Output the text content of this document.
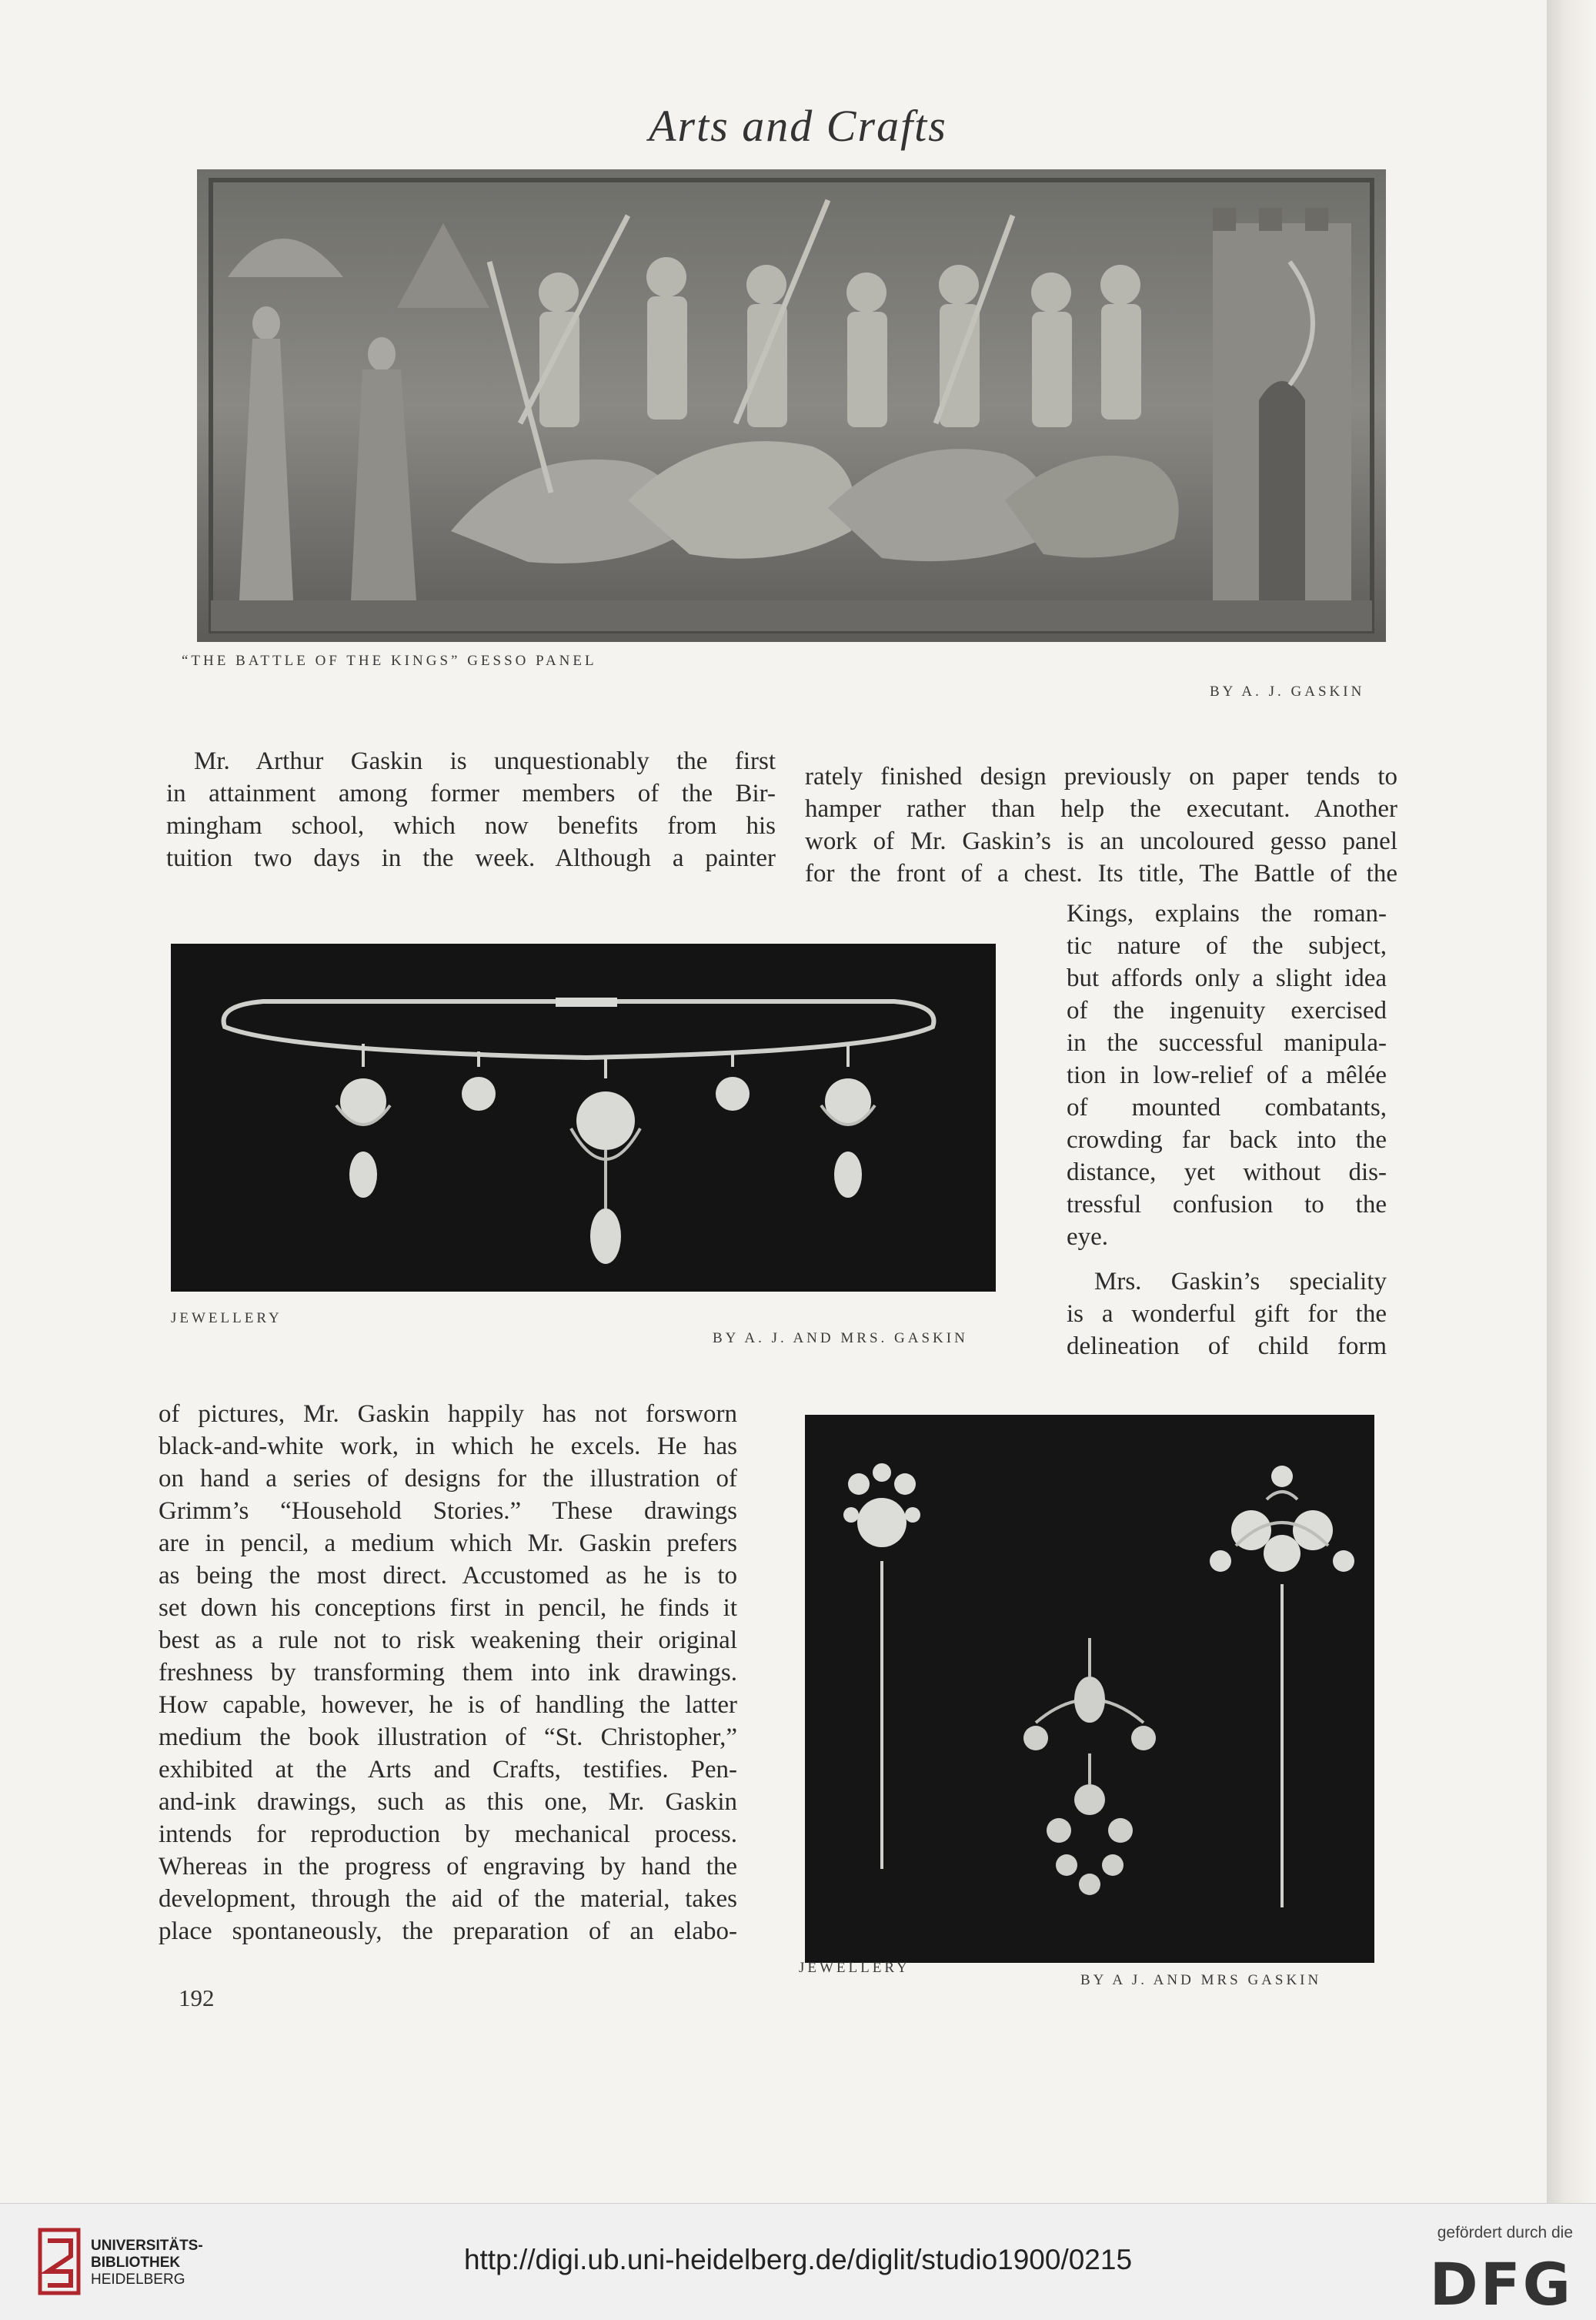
Arts and Crafts
“THE BATTLE OF THE KINGS” GESSO PANEL
BY A. J. GASKIN

Mr. Arthur Gaskin is unquestionably the first

in attainment among former members of the Bir-

mingham school, which now benefits from his

tuition two days in the week. Although a painter

rately finished design previously on paper tends to

hamper rather than help the executant. Another

work of Mr. Gaskin’s is an uncoloured gesso panel

for the front of a chest. Its title, The Battle of the

JEWELLERY
BY A. J. AND MRS. GASKIN

Kings, explains the roman-

tic nature of the subject,

but affords only a slight idea

of the ingenuity exercised

in the successful manipula-

tion in low-relief of a mêlée

of mounted combatants,

crowding far back into the

distance, yet without dis-

tressful confusion to the

eye.

Mrs. Gaskin’s speciality

is a wonderful gift for the

delineation of child form

of pictures, Mr. Gaskin happily has not forsworn

black-and-white work, in which he excels. He has

on hand a series of designs for the illustration of

Grimm’s “Household Stories.” These drawings

are in pencil, a medium which Mr. Gaskin prefers

as being the most direct. Accustomed as he is to

set down his conceptions first in pencil, he finds it

best as a rule not to risk weakening their original

freshness by transforming them into ink drawings.

How capable, however, he is of handling the latter

medium the book illustration of “St. Christopher,”

exhibited at the Arts and Crafts, testifies. Pen-

and-ink drawings, such as this one, Mr. Gaskin

intends for reproduction by mechanical process.

Whereas in the progress of engraving by hand the

development, through the aid of the material, takes

place spontaneously, the preparation of an elabo-

JEWELLERY
BY A J. AND MRS GASKIN
192
UNIVERSITÄTS-
BIBLIOTHEK
HEIDELBERG
http://digi.ub.uni-heidelberg.de/diglit/studio1900/0215
gefördert durch die
DFG
